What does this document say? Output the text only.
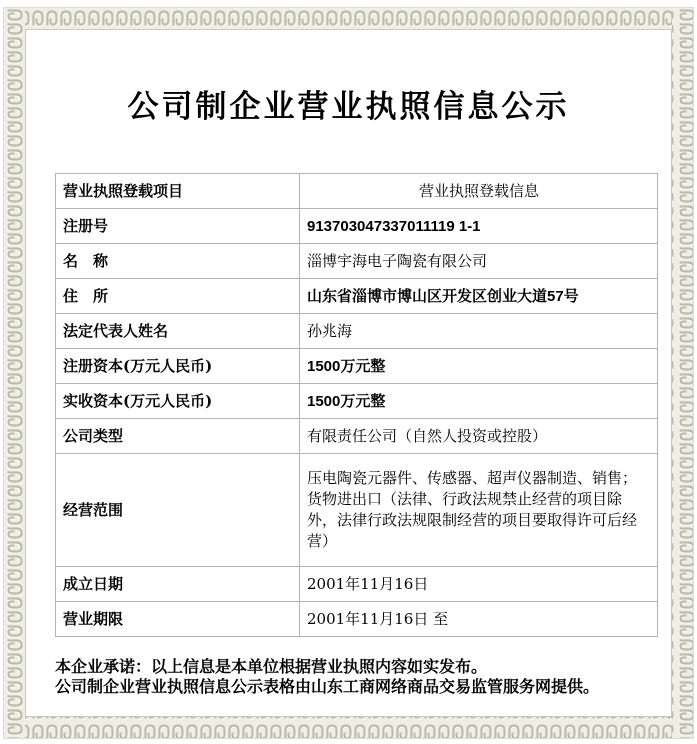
公司制企业营业执照信息公示
营业执照登载项目	营业执照登载信息
注册号	913703047337011119 1-1
名　称	淄博宇海电子陶瓷有限公司
住　所	山东省淄博市博山区开发区创业大道57号
法定代表人姓名	孙兆海
注册资本(万元人民币)	1500万元整
实收资本(万元人民币)	1500万元整
公司类型	有限责任公司（自然人投资或控股）
经营范围	压电陶瓷元器件、传感器、超声仪器制造、销售；货物进出口（法律、行政法规禁止经营的项目除外，法律行政法规限制经营的项目要取得许可后经营）
成立日期	2001年11月16日
营业期限	2001年11月16日 至
本企业承诺：以上信息是本单位根据营业执照内容如实发布。
公司制企业营业执照信息公示表格由山东工商网络商品交易监管服务网提供。
